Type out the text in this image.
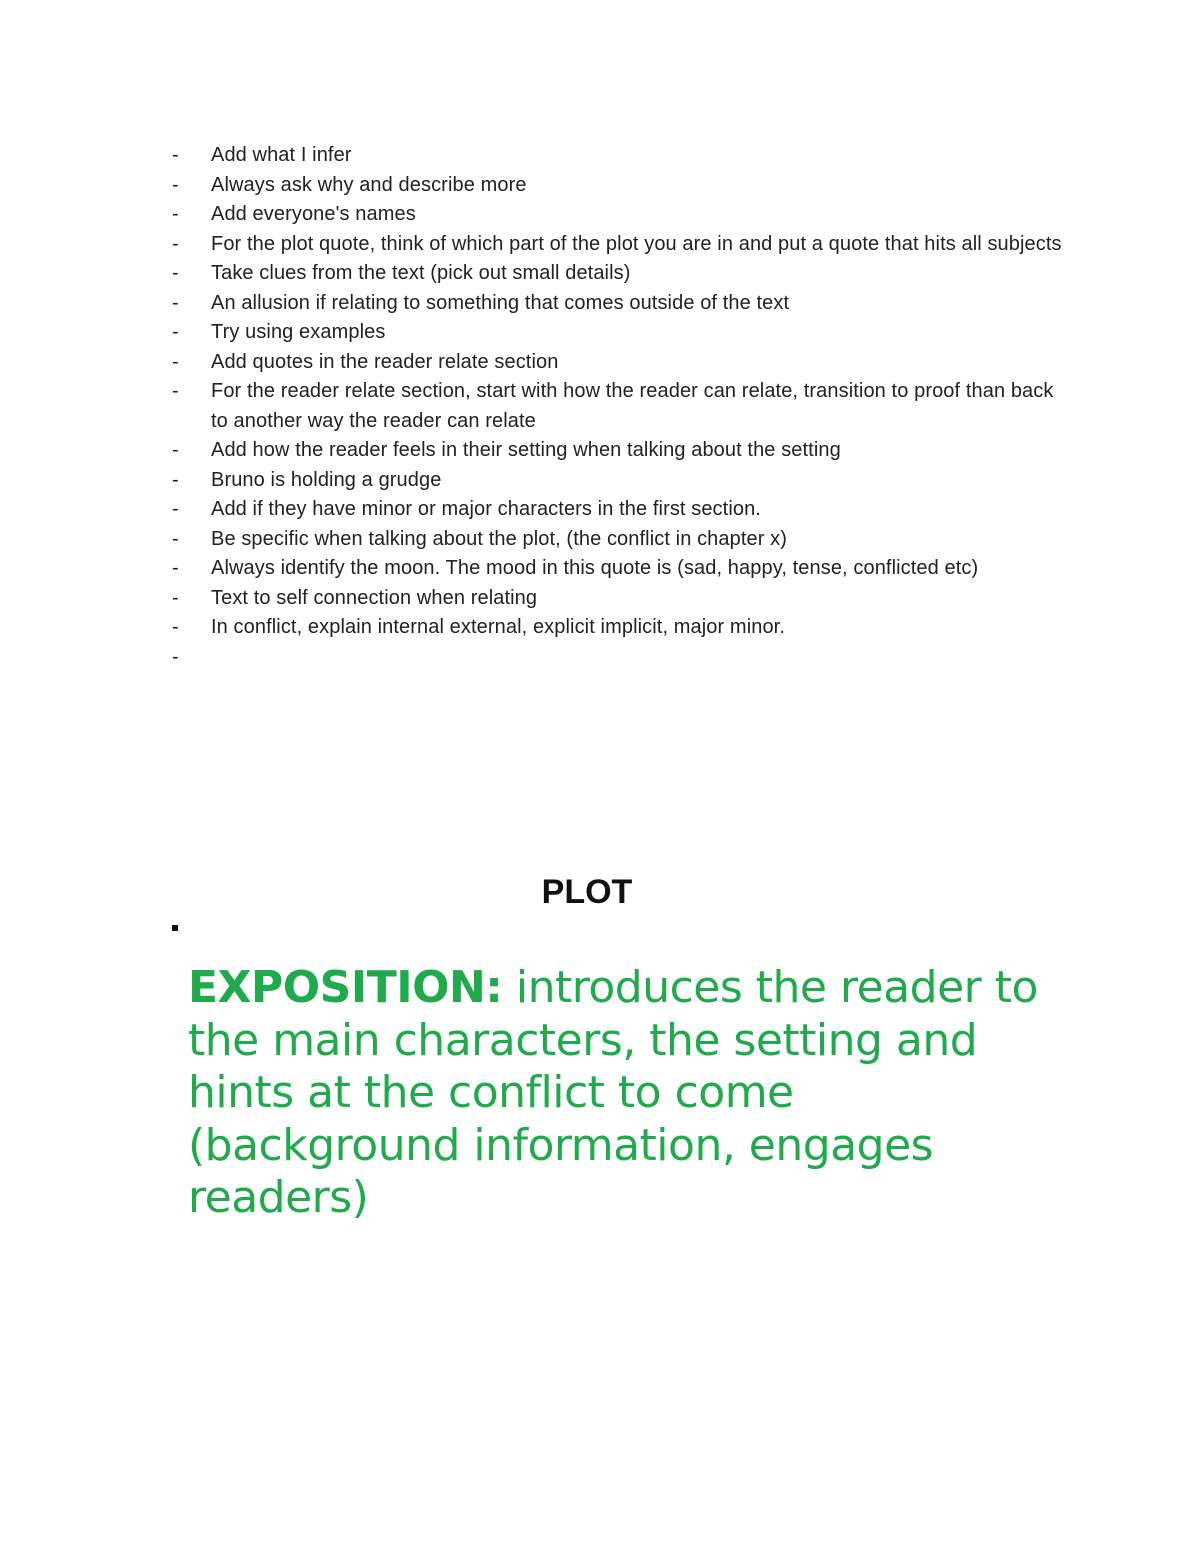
-	Add what I infer
-	Always ask why and describe more
-	Add everyone's names
-	For the plot quote, think of which part of the plot you are in and put a quote that hits all subjects
-	Take clues from the text (pick out small details)
-	An allusion if relating to something that comes outside of the text
-	Try using examples
-	Add quotes in the reader relate section
-	For the reader relate section, start with how the reader can relate, transition to proof than back to another way the reader can relate
-	Add how the reader feels in their setting when talking about the setting
-	Bruno is holding a grudge
-	Add if they have minor or major characters in the first section.
-	Be specific when talking about the plot, (the conflict in chapter x)
-	Always identify the moon. The mood in this quote is (sad, happy, tense, conflicted etc)
-	Text to self connection when relating
-	In conflict, explain internal external, explicit implicit, major minor.
-
PLOT

EXPOSITION: introduces the reader to the main characters, the setting and hints at the conflict to come (background information, engages readers)
